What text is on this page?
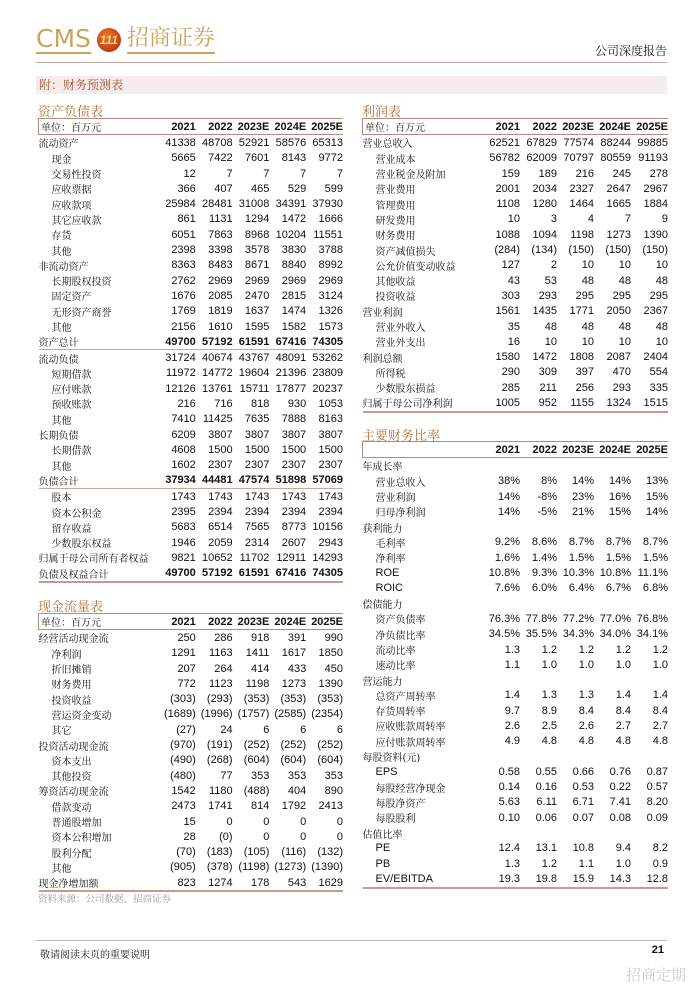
CMS 111 招商证券	公司深度报告
附：财务预测表
资产负债表
单位：百万元	2021	2022	2023E	2024E	2025E
流动资产	41338	48708	52921	58576	65313
现金	5665	7422	7601	8143	9772
交易性投资	12	7	7	7	7
应收票据	366	407	465	529	599
应收款项	25984	28481	31008	34391	37930
其它应收款	861	1131	1294	1472	1666
存货	6051	7863	8968	10204	11551
其他	2398	3398	3578	3830	3788
非流动资产	8363	8483	8671	8840	8992
长期股权投资	2762	2969	2969	2969	2969
固定资产	1676	2085	2470	2815	3124
无形资产商誉	1769	1819	1637	1474	1326
其他	2156	1610	1595	1582	1573
资产总计	49700	57192	61591	67416	74305
流动负债	31724	40674	43767	48091	53262
短期借款	11972	14772	19604	21396	23809
应付账款	12126	13761	15711	17877	20237
预收账款	216	716	818	930	1053
其他	7410	11425	7635	7888	8163
长期负债	6209	3807	3807	3807	3807
长期借款	4608	1500	1500	1500	1500
其他	1602	2307	2307	2307	2307
负债合计	37934	44481	47574	51898	57069
股本	1743	1743	1743	1743	1743
资本公积金	2395	2394	2394	2394	2394
留存收益	5683	6514	7565	8773	10156
少数股东权益	1946	2059	2314	2607	2943
归属于母公司所有者权益	9821	10652	11702	12911	14293
负债及权益合计	49700	57192	61591	67416	74305
现金流量表
单位：百万元	2021	2022	2023E	2024E	2025E
经营活动现金流	250	286	918	391	990
净利润	1291	1163	1411	1617	1850
折旧摊销	207	264	414	433	450
财务费用	772	1123	1198	1273	1390
投资收益	(303)	(293)	(353)	(353)	(353)
营运资金变动	(1689)	(1996)	(1757)	(2585)	(2354)
其它	(27)	24	6	6	6
投资活动现金流	(970)	(191)	(252)	(252)	(252)
资本支出	(490)	(268)	(604)	(604)	(604)
其他投资	(480)	77	353	353	353
筹资活动现金流	1542	1180	(488)	404	890
借款变动	2473	1741	814	1792	2413
普通股增加	15	0	0	0	0
资本公积增加	28	(0)	0	0	0
股利分配	(70)	(183)	(105)	(116)	(132)
其他	(905)	(378)	(1198)	(1273)	(1390)
现金净增加额	823	1274	178	543	1629
利润表
单位：百万元	2021	2022	2023E	2024E	2025E
营业总收入	62521	67829	77574	88244	99885
营业成本	56782	62009	70797	80559	91193
营业税金及附加	159	189	216	245	278
营业费用	2001	2034	2327	2647	2967
管理费用	1108	1280	1464	1665	1884
研发费用	10	3	4	7	9
财务费用	1088	1094	1198	1273	1390
资产减值损失	(284)	(134)	(150)	(150)	(150)
公允价值变动收益	127	2	10	10	10
其他收益	43	53	48	48	48
投资收益	303	293	295	295	295
营业利润	1561	1435	1771	2050	2367
营业外收入	35	48	48	48	48
营业外支出	16	10	10	10	10
利润总额	1580	1472	1808	2087	2404
所得税	290	309	397	470	554
少数股东损益	285	211	256	293	335
归属于母公司净利润	1005	952	1155	1324	1515
主要财务比率
	2021	2022	2023E	2024E	2025E
年成长率					
营业总收入	38%	8%	14%	14%	13%
营业利润	14%	-8%	23%	16%	15%
归母净利润	14%	-5%	21%	15%	14%
获利能力					
毛利率	9.2%	8.6%	8.7%	8.7%	8.7%
净利率	1.6%	1.4%	1.5%	1.5%	1.5%
ROE	10.8%	9.3%	10.3%	10.8%	11.1%
ROIC	7.6%	6.0%	6.4%	6.7%	6.8%
偿债能力					
资产负债率	76.3%	77.8%	77.2%	77.0%	76.8%
净负债比率	34.5%	35.5%	34.3%	34.0%	34.1%
流动比率	1.3	1.2	1.2	1.2	1.2
速动比率	1.1	1.0	1.0	1.0	1.0
营运能力					
总资产周转率	1.4	1.3	1.3	1.4	1.4
存货周转率	9.7	8.9	8.4	8.4	8.4
应收账款周转率	2.6	2.5	2.6	2.7	2.7
应付账款周转率	4.9	4.8	4.8	4.8	4.8
每股资料(元)					
EPS	0.58	0.55	0.66	0.76	0.87
每股经营净现金	0.14	0.16	0.53	0.22	0.57
每股净资产	5.63	6.11	6.71	7.41	8.20
每股股利	0.10	0.06	0.07	0.08	0.09
估值比率					
PE	12.4	13.1	10.8	9.4	8.2
PB	1.3	1.2	1.1	1.0	0.9
EV/EBITDA	19.3	19.8	15.9	14.3	12.8
资料来源：公司数据、招商证券
敬请阅读末页的重要说明	21
招商定期
